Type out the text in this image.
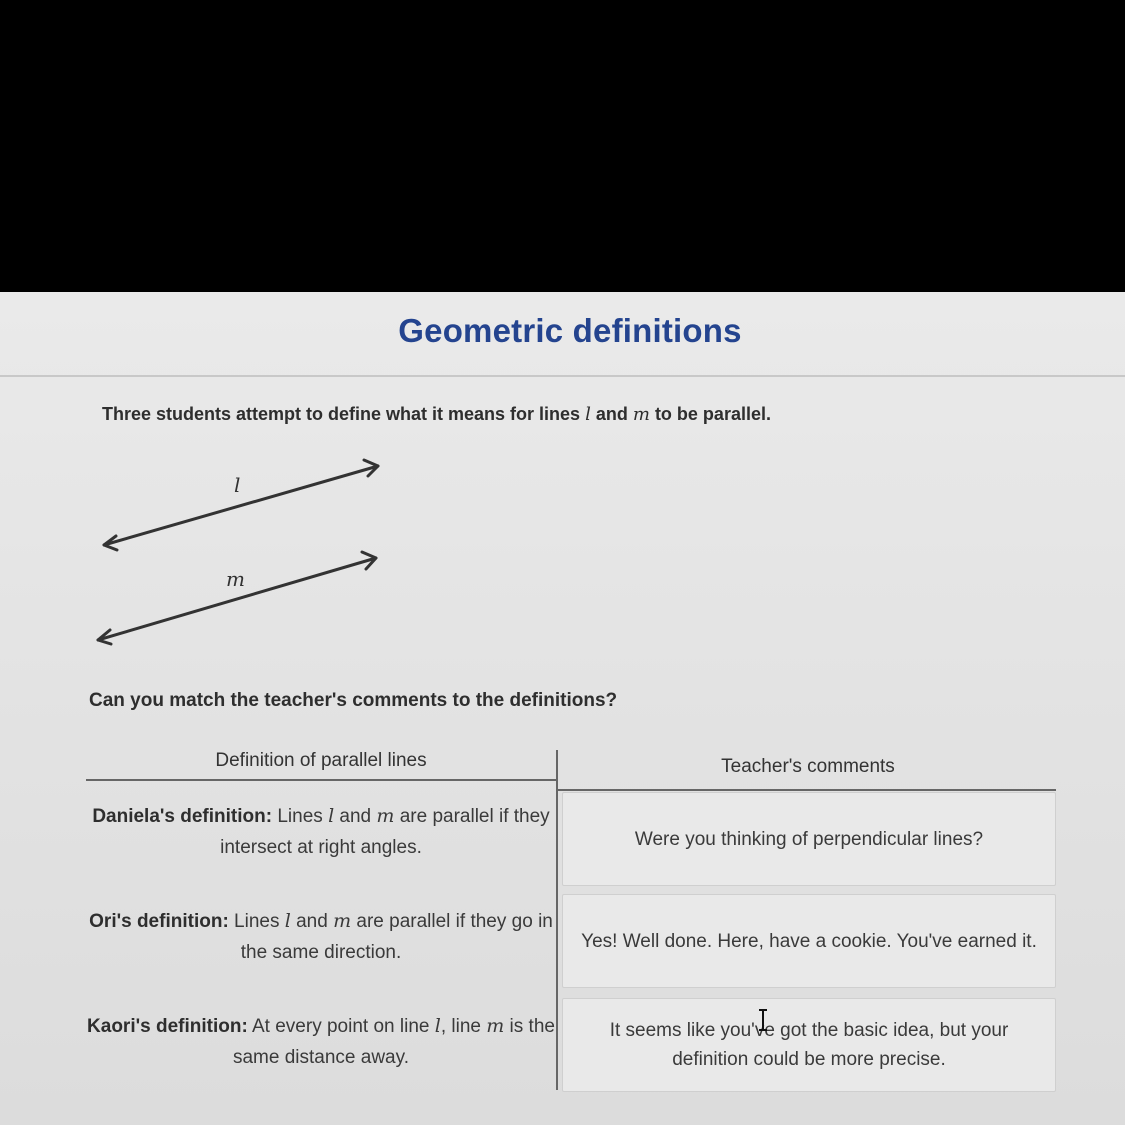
Geometric definitions
Three students attempt to define what it means for lines l and m to be parallel.
l
m
Can you match the teacher's comments to the definitions?
Definition of parallel lines	Teacher's comments
Daniela's definition: Lines l and m are parallel if they intersect at right angles.
Ori's definition: Lines l and m are parallel if they go in the same direction.
Kaori's definition: At every point on line l, line m is the same distance away.
Were you thinking of perpendicular lines?
Yes! Well done. Here, have a cookie. You've earned it.
It seems like you've got the basic idea, but your definition could be more precise.
